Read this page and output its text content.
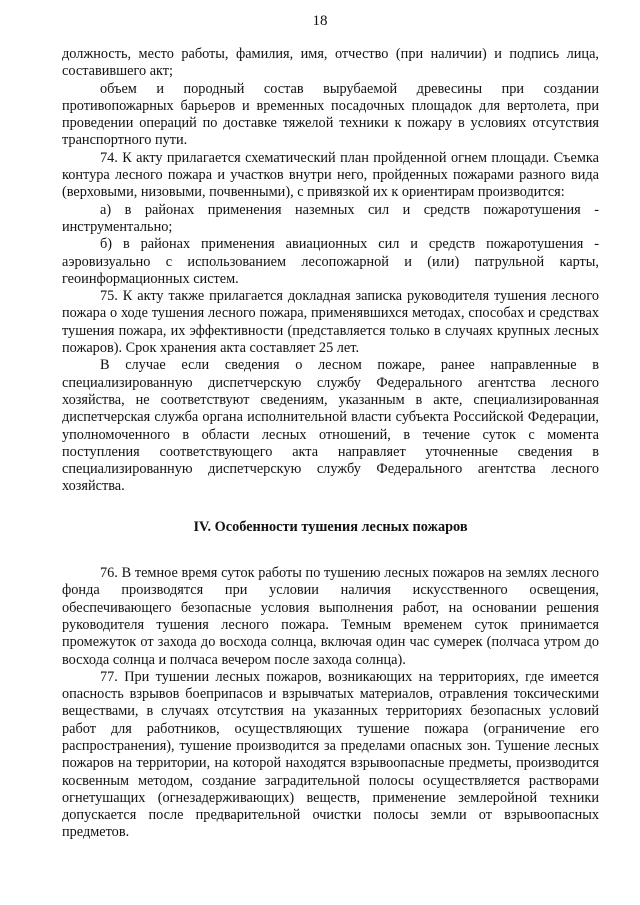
18

должность, место работы, фамилия, имя, отчество (при наличии) и подпись лица, составившего акт;

объем и породный состав вырубаемой древесины при создании противопожарных барьеров и временных посадочных площадок для вертолета, при проведении операций по доставке тяжелой техники к пожару в условиях отсутствия транспортного пути.

74. К акту прилагается схематический план пройденной огнем площади. Съемка контура лесного пожара и участков внутри него, пройденных пожарами разного вида (верховыми, низовыми, почвенными), с привязкой их к ориентирам производится:

а) в районах применения наземных сил и средств пожаротушения - инструментально;

б) в районах применения авиационных сил и средств пожаротушения - аэровизуально с использованием лесопожарной и (или) патрульной карты, геоинформационных систем.

75. К акту также прилагается докладная записка руководителя тушения лесного пожара о ходе тушения лесного пожара, применявшихся методах, способах и средствах тушения пожара, их эффективности (представляется только в случаях крупных лесных пожаров). Срок хранения акта составляет 25 лет.

В случае если сведения о лесном пожаре, ранее направленные в специализированную диспетчерскую службу Федерального агентства лесного хозяйства, не соответствуют сведениям, указанным в акте, специализированная диспетчерская служба органа исполнительной власти субъекта Российской Федерации, уполномоченного в области лесных отношений, в течение суток с момента поступления соответствующего акта направляет уточненные сведения в специализированную диспетчерскую службу Федерального агентства лесного хозяйства.

IV. Особенности тушения лесных пожаров

76. В темное время суток работы по тушению лесных пожаров на землях лесного фонда производятся при условии наличия искусственного освещения, обеспечивающего безопасные условия выполнения работ, на основании решения руководителя тушения лесного пожара. Темным временем суток принимается промежуток от захода до восхода солнца, включая один час сумерек (полчаса утром до восхода солнца и полчаса вечером после захода солнца).

77. При тушении лесных пожаров, возникающих на территориях, где имеется опасность взрывов боеприпасов и взрывчатых материалов, отравления токсическими веществами, в случаях отсутствия на указанных территориях безопасных условий работ для работников, осуществляющих тушение пожара (ограничение его распространения), тушение производится за пределами опасных зон. Тушение лесных пожаров на территории, на которой находятся взрывоопасные предметы, производится косвенным методом, создание заградительной полосы осуществляется растворами огнетушащих (огнезадерживающих) веществ, применение землеройной техники допускается после предварительной очистки полосы земли от взрывоопасных предметов.
